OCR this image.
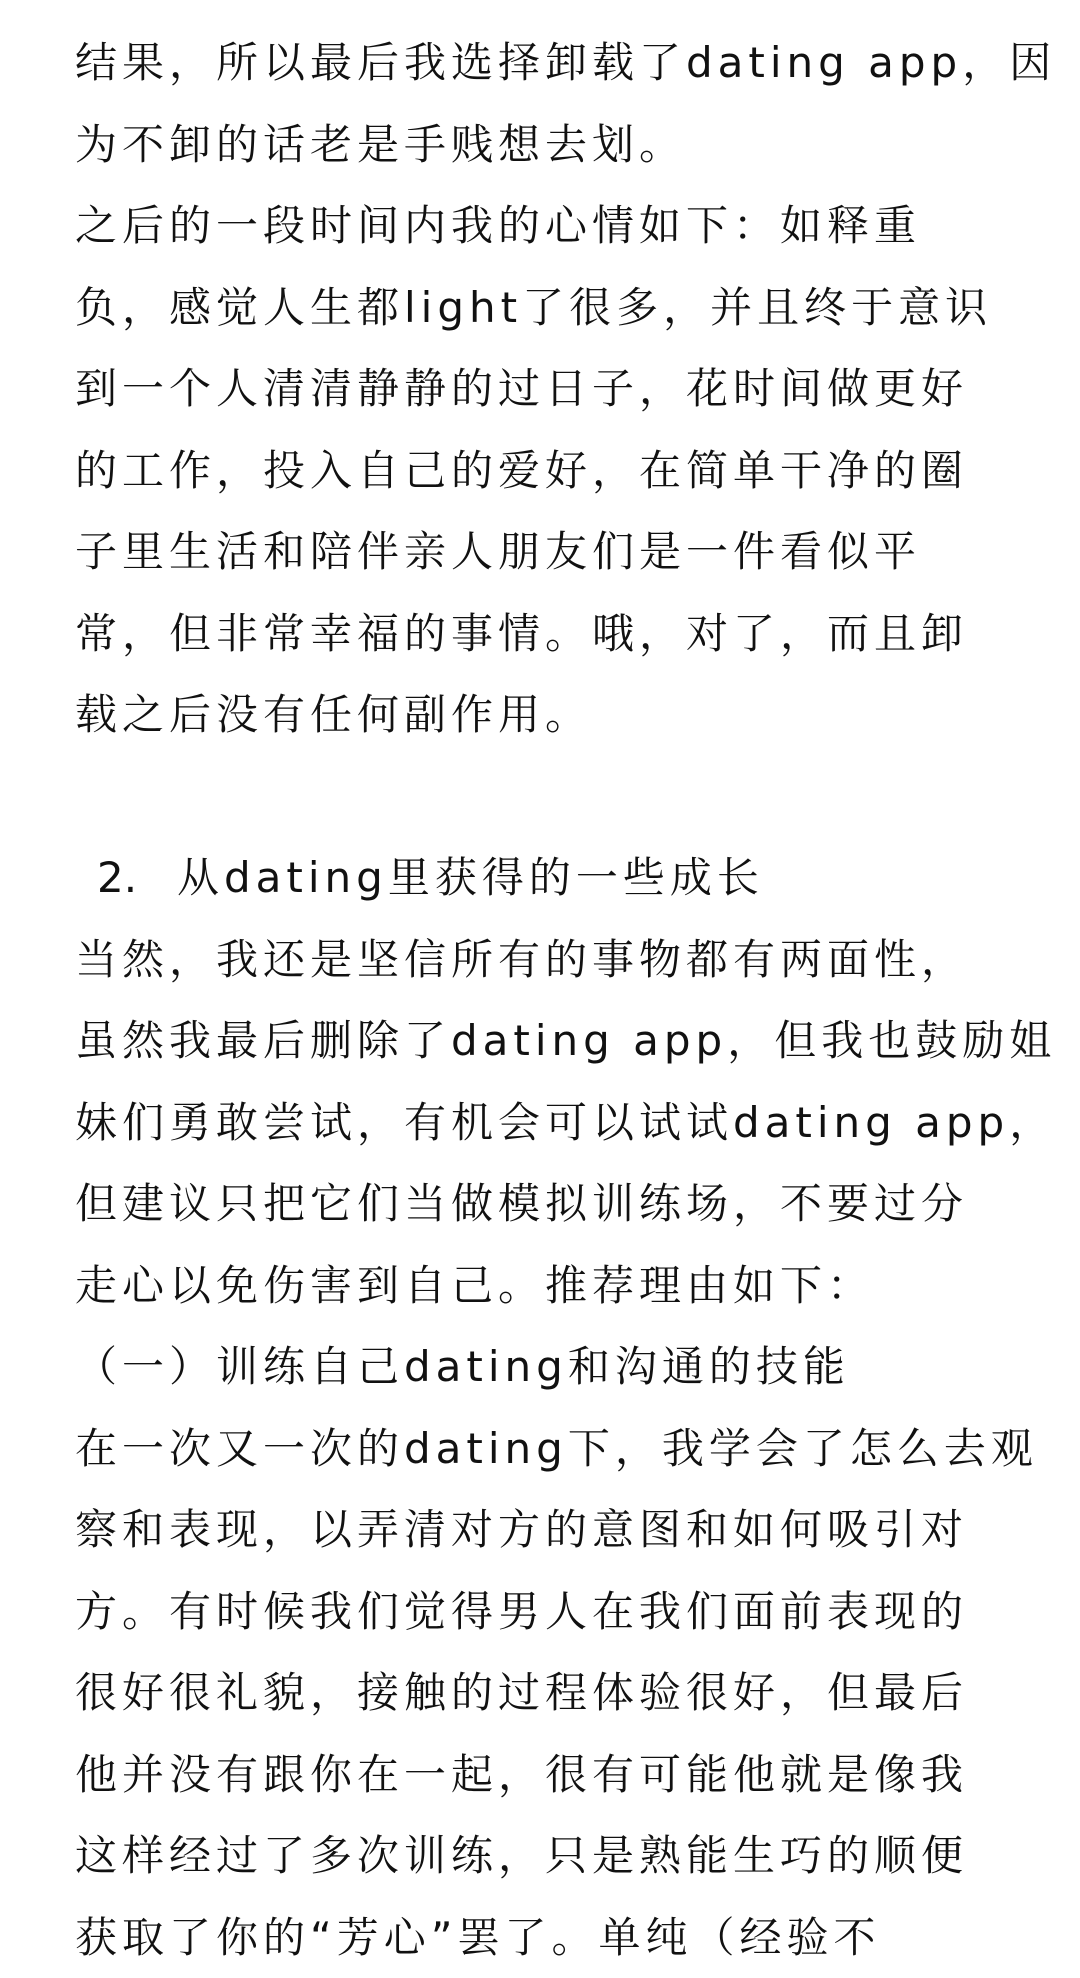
结果，所以最后我选择卸载了dating app，因
为不卸的话老是手贱想去划。
之后的一段时间内我的心情如下：如释重
负，感觉人生都light了很多，并且终于意识
到一个人清清静静的过日子，花时间做更好
的工作，投入自己的爱好，在简单干净的圈
子里生活和陪伴亲人朋友们是一件看似平
常，但非常幸福的事情。哦，对了，而且卸
载之后没有任何副作用。
2. 从dating里获得的一些成长
当然，我还是坚信所有的事物都有两面性，
虽然我最后删除了dating app，但我也鼓励姐
妹们勇敢尝试，有机会可以试试dating app，
但建议只把它们当做模拟训练场，不要过分
走心以免伤害到自己。推荐理由如下：
（一）训练自己dating和沟通的技能
在一次又一次的dating下，我学会了怎么去观
察和表现，以弄清对方的意图和如何吸引对
方。有时候我们觉得男人在我们面前表现的
很好很礼貌，接触的过程体验很好，但最后
他并没有跟你在一起，很有可能他就是像我
这样经过了多次训练，只是熟能生巧的顺便
获取了你的“芳心”罢了。单纯（经验不
